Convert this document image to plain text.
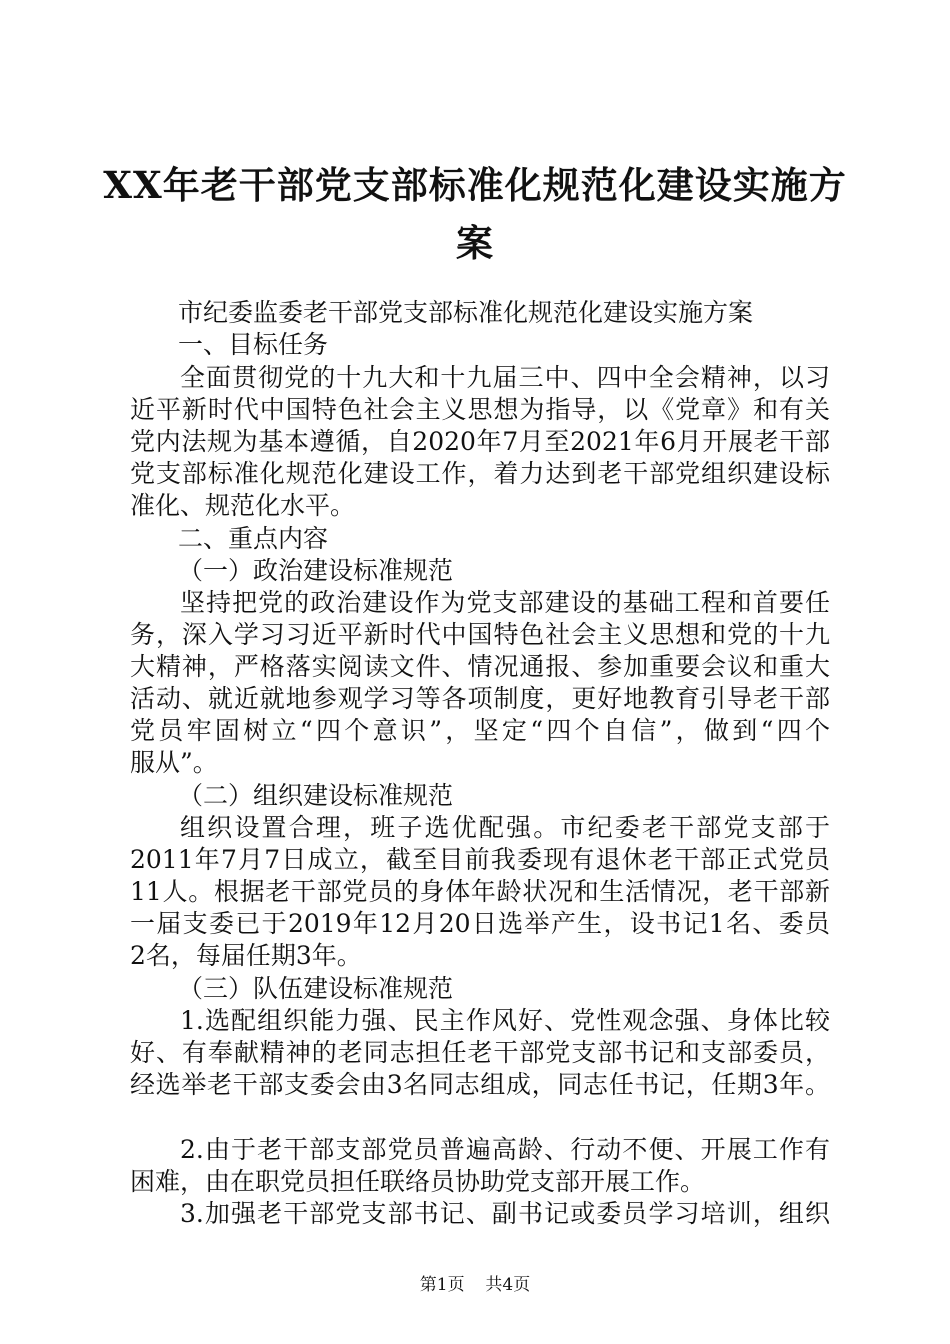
XX年老干部党支部标准化规范化建设实施方
案
市纪委监委老干部党支部标准化规范化建设实施方案
一、目标任务
全面贯彻党的十九大和十九届三中、四中全会精神，以习
近平新时代中国特色社会主义思想为指导，以《党章》和有关
党内法规为基本遵循，自2020年7月至2021年6月开展老干部
党支部标准化规范化建设工作，着力达到老干部党组织建设标
准化、规范化水平。
二、重点内容
（一）政治建设标准规范
坚持把党的政治建设作为党支部建设的基础工程和首要任
务，深入学习习近平新时代中国特色社会主义思想和党的十九
大精神，严格落实阅读文件、情况通报、参加重要会议和重大
活动、就近就地参观学习等各项制度，更好地教育引导老干部
党员牢固树立“四个意识”，坚定“四个自信”，做到“四个
服从”。
（二）组织建设标准规范
组织设置合理，班子选优配强。市纪委老干部党支部于
2011年7月7日成立，截至目前我委现有退休老干部正式党员
11人。根据老干部党员的身体年龄状况和生活情况，老干部新
一届支委已于2019年12月20日选举产生，设书记1名、委员
2名，每届任期3年。
（三）队伍建设标准规范
1.选配组织能力强、民主作风好、党性观念强、身体比较
好、有奉献精神的老同志担任老干部党支部书记和支部委员，
经选举老干部支委会由3名同志组成，同志任书记，任期3年。
2.由于老干部支部党员普遍高龄、行动不便、开展工作有
困难，由在职党员担任联络员协助党支部开展工作。
3.加强老干部党支部书记、副书记或委员学习培训，组织
第1页 共4页
